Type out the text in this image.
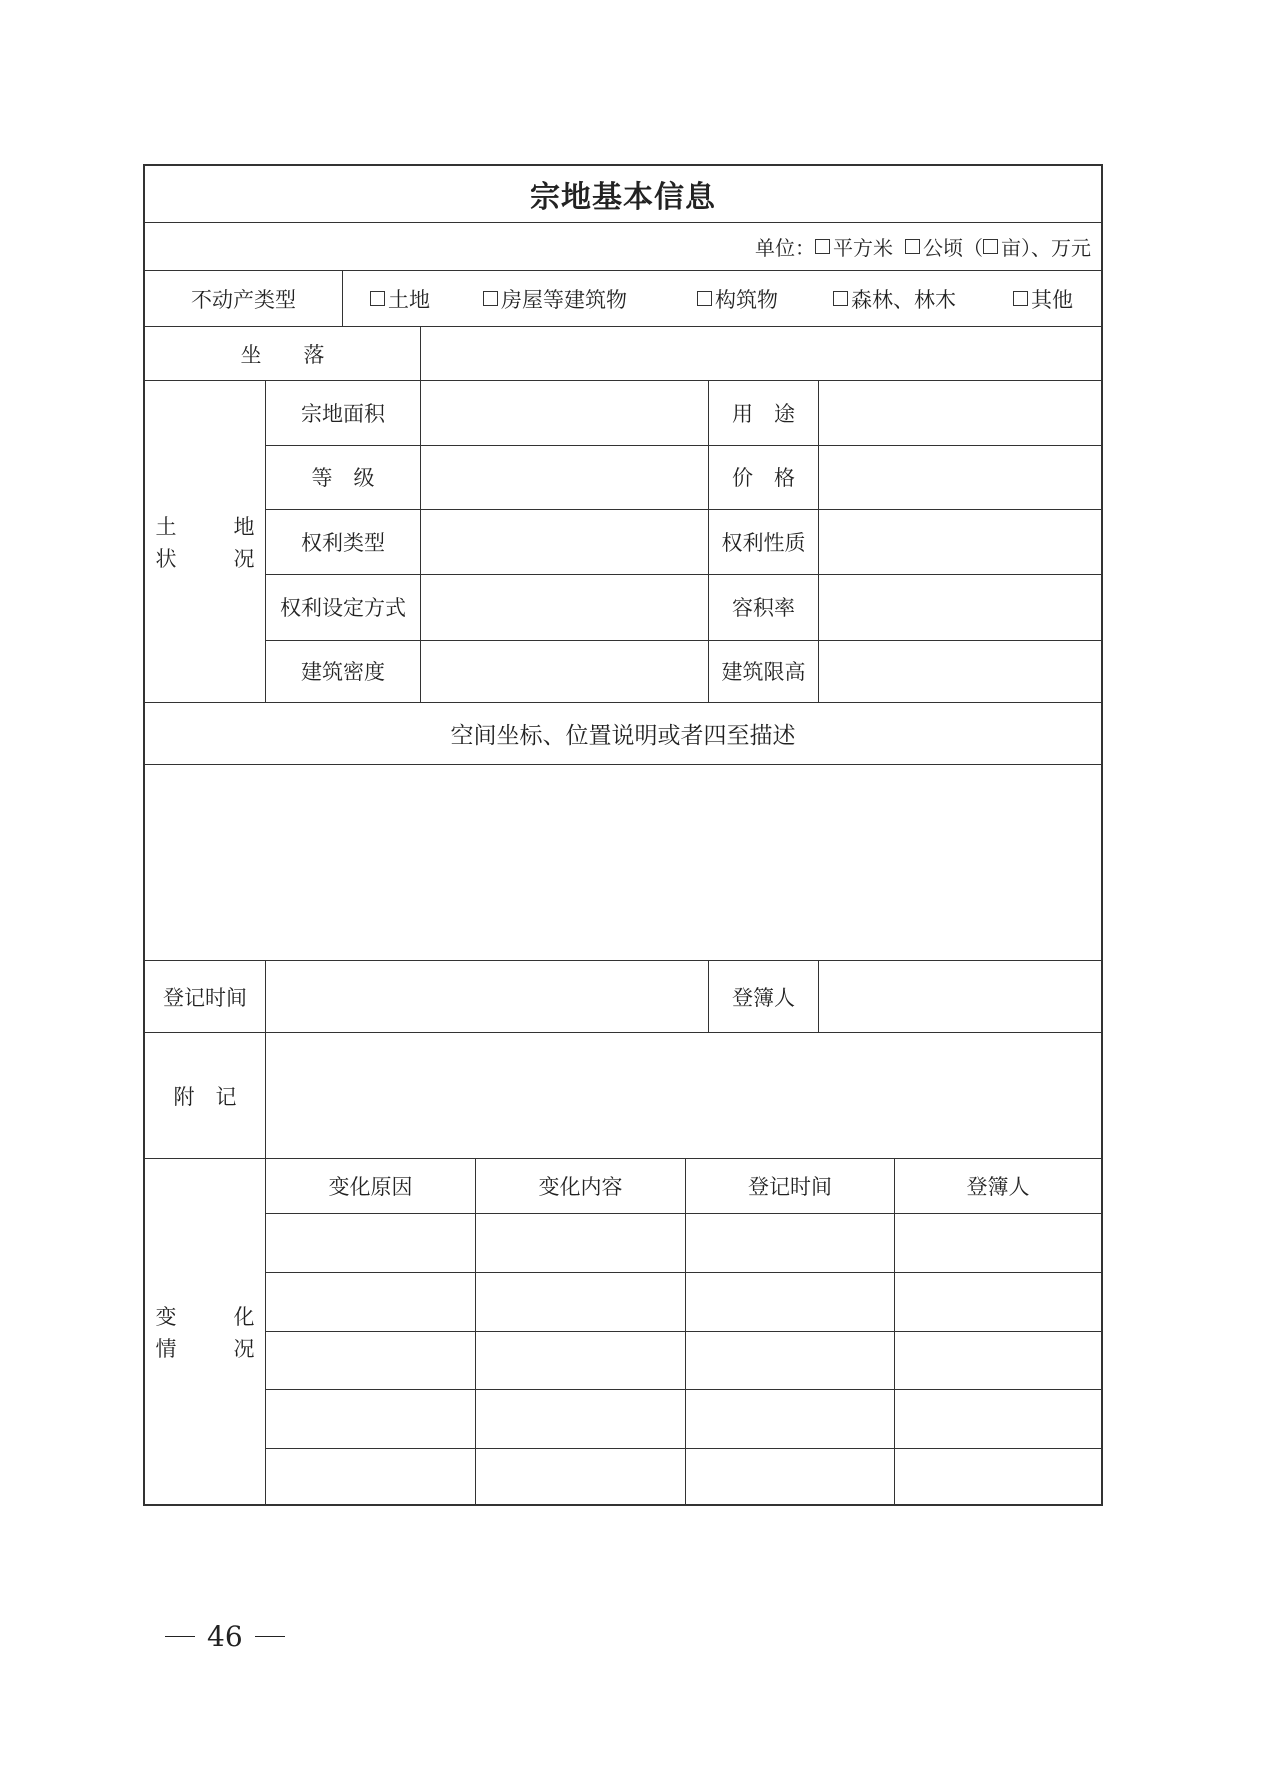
宗地基本信息
单位： 平方米 公顷（ 亩）、万元
不动产类型	土地	房屋等建筑物	构筑物	森林、林木	其他
坐　　落
土　地
状　况
宗地面积	用　途
等　级	价　格
权利类型	权利性质
权利设定方式	容积率
建筑密度	建筑限高
空间坐标、位置说明或者四至描述
登记时间	登簿人
附　记
变　化
情　况
变化原因	变化内容	登记时间	登簿人
46
